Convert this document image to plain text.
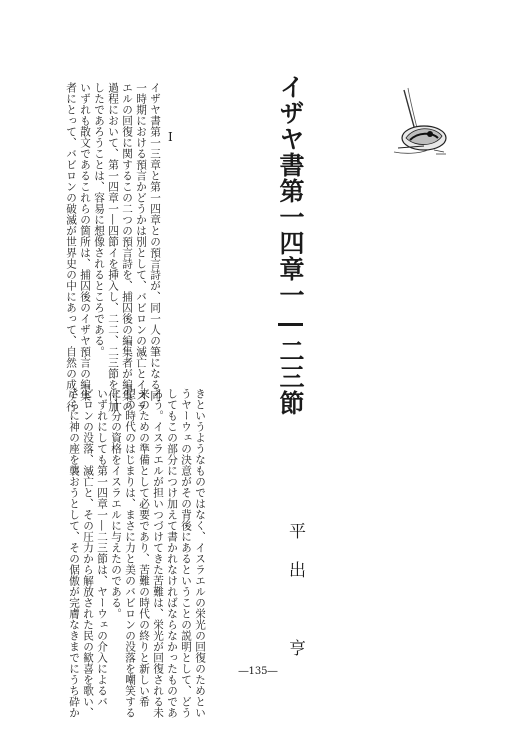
イザヤ書第一四章一―二三節
平出　亨
I

イザヤ書第一三章と第一四章との預言詩が、同一人の筆になる同

一時期における預言かどうかは別として、バビロンの滅亡とイスラ

エルの回復に関するこの二つの預言詩を、捕囚後の編集者が編集の

過程において、第一四章一―四節イを挿入し、二二、二三節を付加

したであろうことは、容易に想像されるところである。

いずれも散文であるこれらの箇所は、捕囚後のイザヤ預言の編集

者にとって、バビロンの破滅が世界史の中にあって、自然の成り行

きというようなものではなく、イスラエルの栄光の回復のためとい

うヤーウェの決意がその背後にあるということの説明として、どう

してもこの部分につけ加えて書かれなければならなかったものであ

ろう。イスラエルが担いつづけてきた苦難は、栄光が回復される未

来のための準備として必要であり、苦難の時代の終りと新しい希

望の時代のはじまりは、まさに力と美のバビロンの没落を嘲笑する

に十分の資格をイスラエルに与えたのである。

いずれにしても第一四章一―二三節は、ヤーウェの介入によるバ

ビロンの没落、滅亡と、その圧力から解放された民の歓喜を歌い、

さらに神の座を襲おうとして、その倨傲が完膚なきまでにうち砕か	―135―
